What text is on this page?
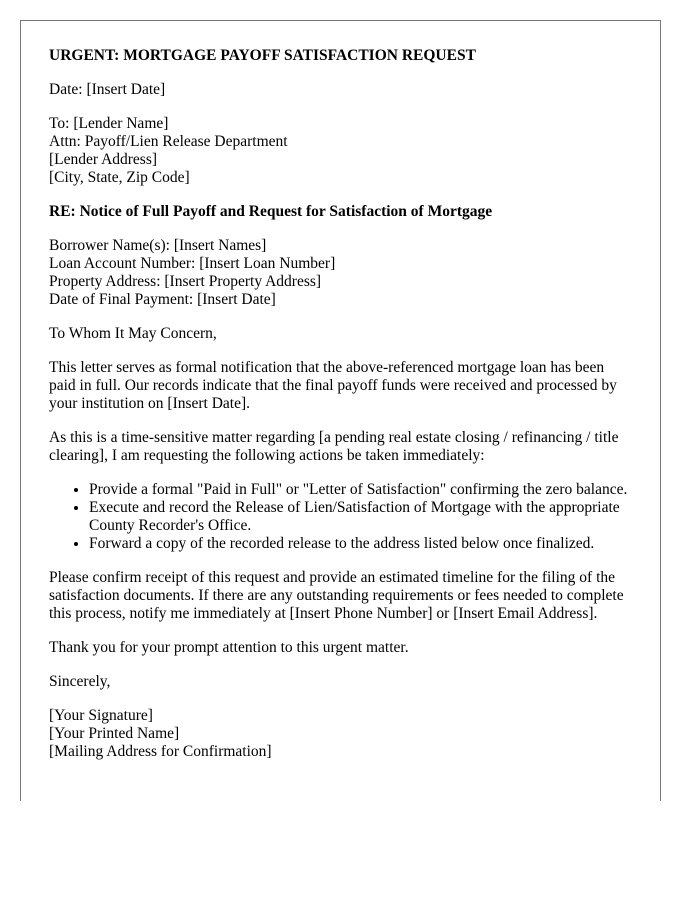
URGENT: MORTGAGE PAYOFF SATISFACTION REQUEST

Date: [Insert Date]

To: [Lender Name]
Attn: Payoff/Lien Release Department
[Lender Address]
[City, State, Zip Code]
RE: Notice of Full Payoff and Request for Satisfaction of Mortgage
Borrower Name(s): [Insert Names]
Loan Account Number: [Insert Loan Number]
Property Address: [Insert Property Address]
Date of Final Payment: [Insert Date]

To Whom It May Concern,

This letter serves as formal notification that the above-referenced mortgage loan has been paid in full. Our records indicate that the final payoff funds were received and processed by your institution on [Insert Date].

As this is a time-sensitive matter regarding [a pending real estate closing / refinancing / title clearing], I am requesting the following actions be taken immediately:

• Provide a formal "Paid in Full" or "Letter of Satisfaction" confirming the zero balance.
• Execute and record the Release of Lien/Satisfaction of Mortgage with the appropriate County Recorder's Office.
• Forward a copy of the recorded release to the address listed below once finalized.

Please confirm receipt of this request and provide an estimated timeline for the filing of the satisfaction documents. If there are any outstanding requirements or fees needed to complete this process, notify me immediately at [Insert Phone Number] or [Insert Email Address].

Thank you for your prompt attention to this urgent matter.

Sincerely,

[Your Signature]
[Your Printed Name]
[Mailing Address for Confirmation]
